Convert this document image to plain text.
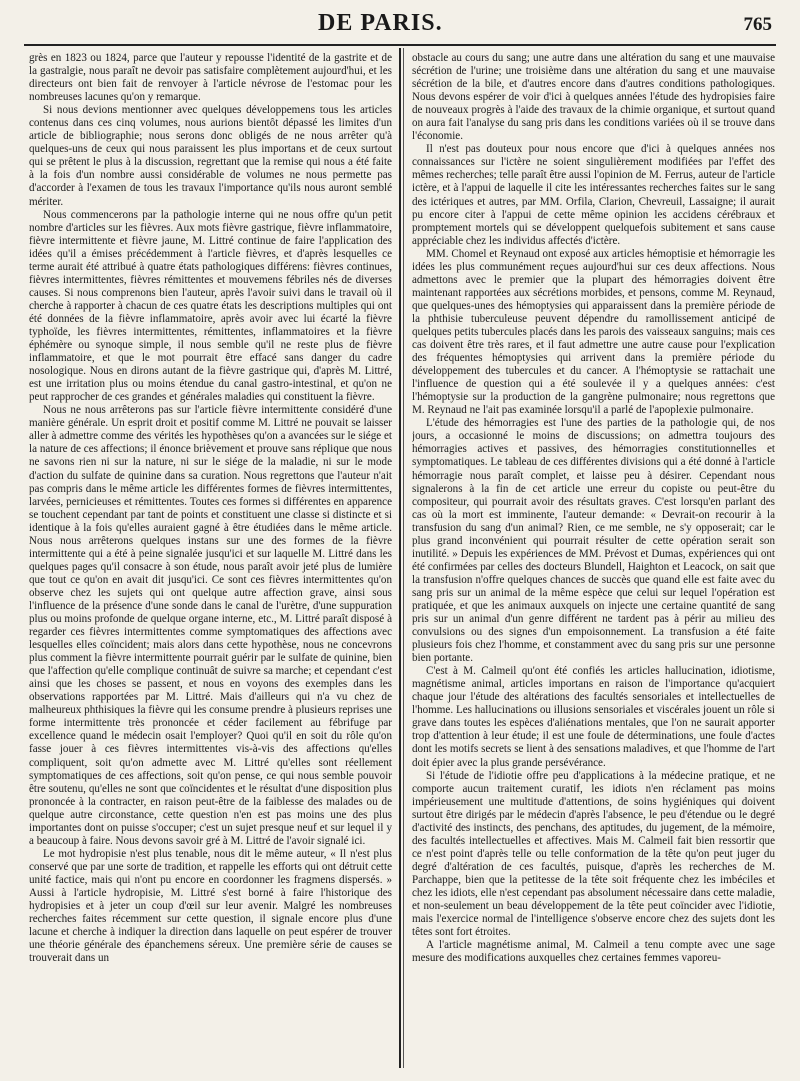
DE PARIS.	765

grès en 1823 ou 1824, parce que l'auteur y repousse l'identité de la gastrite et de la gastralgie, nous paraît ne devoir pas satisfaire complètement aujourd'hui, et les directeurs ont bien fait de renvoyer à l'article névrose de l'estomac pour les nombreuses lacunes qu'on y remarque.

Si nous devions mentionner avec quelques développemens tous les articles contenus dans ces cinq volumes, nous aurions bientôt dépassé les limites d'un article de bibliographie; nous serons donc obligés de ne nous arrêter qu'à quelques-uns de ceux qui nous paraissent les plus importans et de ceux surtout qui se prêtent le plus à la discussion, regrettant que la remise qui nous a été faite à la fois d'un nombre aussi considérable de volumes ne nous permette pas d'accorder à l'examen de tous les travaux l'importance qu'ils nous auront semblé mériter.

Nous commencerons par la pathologie interne qui ne nous offre qu'un petit nombre d'articles sur les fièvres. Aux mots fièvre gastrique, fièvre inflammatoire, fièvre intermittente et fièvre jaune, M. Littré continue de faire l'application des idées qu'il a émises précédemment à l'article fièvres, et d'après lesquelles ce terme aurait été attribué à quatre états pathologiques différens: fièvres continues, fièvres intermittentes, fièvres rémittentes et mouvemens fébriles nés de diverses causes. Si nous comprenons bien l'auteur, après l'avoir suivi dans le travail où il cherche à rapporter à chacun de ces quatre états les descriptions multiples qui ont été données de la fièvre inflammatoire, après avoir avec lui écarté la fièvre typhoïde, les fièvres intermittentes, rémittentes, inflammatoires et la fièvre éphémère ou synoque simple, il nous semble qu'il ne reste plus de fièvre inflammatoire, et que le mot pourrait être effacé sans danger du cadre nosologique. Nous en dirons autant de la fièvre gastrique qui, d'après M. Littré, est une irritation plus ou moins étendue du canal gastro-intestinal, et qu'on ne peut rapprocher de ces grandes et générales maladies qui constituent la fièvre.

Nous ne nous arrêterons pas sur l'article fièvre intermittente considéré d'une manière générale. Un esprit droit et positif comme M. Littré ne pouvait se laisser aller à admettre comme des vérités les hypothèses qu'on a avancées sur le siége et la nature de ces affections; il énonce brièvement et prouve sans réplique que nous ne savons rien ni sur la nature, ni sur le siége de la maladie, ni sur le mode d'action du sulfate de quinine dans sa curation. Nous regrettons que l'auteur n'ait pas compris dans le même article les différentes formes de fièvres intermittentes, larvées, pernicieuses et rémittentes. Toutes ces formes si différentes en apparence se touchent cependant par tant de points et constituent une classe si distincte et si identique à la fois qu'elles auraient gagné à être étudiées dans le même article. Nous nous arrêterons quelques instans sur une des formes de la fièvre intermittente qui a été à peine signalée jusqu'ici et sur laquelle M. Littré dans les quelques pages qu'il consacre à son étude, nous paraît avoir jeté plus de lumière que tout ce qu'on en avait dit jusqu'ici. Ce sont ces fièvres intermittentes qu'on observe chez les sujets qui ont quelque autre affection grave, ainsi sous l'influence de la présence d'une sonde dans le canal de l'urètre, d'une suppuration plus ou moins profonde de quelque organe interne, etc., M. Littré paraît disposé à regarder ces fièvres intermittentes comme symptomatiques des affections avec lesquelles elles coïncident; mais alors dans cette hypothèse, nous ne concevrons plus comment la fièvre intermittente pourrait guérir par le sulfate de quinine, bien que l'affection qu'elle complique continuât de suivre sa marche; et cependant c'est ainsi que les choses se passent, et nous en voyons des exemples dans les observations rapportées par M. Littré. Mais d'ailleurs qui n'a vu chez de malheureux phthisiques la fièvre qui les consume prendre à plusieurs reprises une forme intermittente très prononcée et céder facilement au fébrifuge par excellence quand le médecin osait l'employer? Quoi qu'il en soit du rôle qu'on fasse jouer à ces fièvres intermittentes vis-à-vis des affections qu'elles compliquent, soit qu'on admette avec M. Littré qu'elles sont réellement symptomatiques de ces affections, soit qu'on pense, ce qui nous semble pouvoir être soutenu, qu'elles ne sont que coïncidentes et le résultat d'une disposition plus prononcée à la contracter, en raison peut-être de la faiblesse des malades ou de quelque autre circonstance, cette question n'en est pas moins une des plus importantes dont on puisse s'occuper; c'est un sujet presque neuf et sur lequel il y a beaucoup à faire. Nous devons savoir gré à M. Littré de l'avoir signalé ici.

Le mot hydropisie n'est plus tenable, nous dit le même auteur, « Il n'est plus conservé que par une sorte de tradition, et rappelle les efforts qui ont détruit cette unité factice, mais qui n'ont pu encore en coordonner les fragmens dispersés. » Aussi à l'article hydropisie, M. Littré s'est borné à faire l'historique des hydropisies et à jeter un coup d'œil sur leur avenir. Malgré les nombreuses recherches faites récemment sur cette question, il signale encore plus d'une lacune et cherche à indiquer la direction dans laquelle on peut espérer de trouver une théorie générale des épanchemens séreux. Une première série de causes se trouverait dans un

obstacle au cours du sang; une autre dans une altération du sang et une mauvaise sécrétion de l'urine; une troisième dans une altération du sang et une mauvaise sécrétion de la bile, et d'autres encore dans d'autres conditions pathologiques. Nous devons espérer de voir d'ici à quelques années l'étude des hydropisies faire de nouveaux progrès à l'aide des travaux de la chimie organique, et surtout quand on aura fait l'analyse du sang pris dans les conditions variées où il se trouve dans l'économie.

Il n'est pas douteux pour nous encore que d'ici à quelques années nos connaissances sur l'ictère ne soient singulièrement modifiées par l'effet des mêmes recherches; telle paraît être aussi l'opinion de M. Ferrus, auteur de l'article ictère, et à l'appui de laquelle il cite les intéressantes recherches faites sur le sang des ictériques et autres, par MM. Orfila, Clarion, Chevreuil, Lassaigne; il aurait pu encore citer à l'appui de cette même opinion les accidens cérébraux et promptement mortels qui se développent quelquefois subitement et sans cause appréciable chez les individus affectés d'ictère.

MM. Chomel et Reynaud ont exposé aux articles hémoptisie et hémorragie les idées les plus communément reçues aujourd'hui sur ces deux affections. Nous admettons avec le premier que la plupart des hémorragies doivent être maintenant rapportées aux sécrétions morbides, et pensons, comme M. Reynaud, que quelques-unes des hémoptysies qui apparaissent dans la première période de la phthisie tuberculeuse peuvent dépendre du ramollissement anticipé de quelques petits tubercules placés dans les parois des vaisseaux sanguins; mais ces cas doivent être très rares, et il faut admettre une autre cause pour l'explication des fréquentes hémoptysies qui arrivent dans la première période du développement des tubercules et du cancer. A l'hémoptysie se rattachait une l'influence de question qui a été soulevée il y a quelques années: c'est l'hémoptysie sur la production de la gangrène pulmonaire; nous regrettons que M. Reynaud ne l'ait pas examinée lorsqu'il a parlé de l'apoplexie pulmonaire.

L'étude des hémorragies est l'une des parties de la pathologie qui, de nos jours, a occasionné le moins de discussions; on admettra toujours des hémorragies actives et passives, des hémorragies constitutionnelles et symptomatiques. Le tableau de ces différentes divisions qui a été donné à l'article hémorragie nous paraît complet, et laisse peu à désirer. Cependant nous signalerons à la fin de cet article une erreur du copiste ou peut-être du compositeur, qui pourrait avoir des résultats graves. C'est lorsqu'en parlant des cas où la mort est imminente, l'auteur demande: « Devrait-on recourir à la transfusion du sang d'un animal? Rien, ce me semble, ne s'y opposerait; car le plus grand inconvénient qui pourrait résulter de cette opération serait son inutilité. » Depuis les expériences de MM. Prévost et Dumas, expériences qui ont été confirmées par celles des docteurs Blundell, Haighton et Leacock, on sait que la transfusion n'offre quelques chances de succès que quand elle est faite avec du sang pris sur un animal de la même espèce que celui sur lequel l'opération est pratiquée, et que les animaux auxquels on injecte une certaine quantité de sang pris sur un animal d'un genre différent ne tardent pas à périr au milieu des convulsions ou des signes d'un empoisonnement. La transfusion a été faite plusieurs fois chez l'homme, et constamment avec du sang pris sur une personne bien portante.

C'est à M. Calmeil qu'ont été confiés les articles hallucination, idiotisme, magnétisme animal, articles importans en raison de l'importance qu'acquiert chaque jour l'étude des altérations des facultés sensoriales et intellectuelles de l'homme. Les hallucinations ou illusions sensoriales et viscérales jouent un rôle si grave dans toutes les espèces d'aliénations mentales, que l'on ne saurait apporter trop d'attention à leur étude; il est une foule de déterminations, une foule d'actes dont les motifs secrets se lient à des sensations maladives, et que l'homme de l'art doit épier avec la plus grande persévérance.

Si l'étude de l'idiotie offre peu d'applications à la médecine pratique, et ne comporte aucun traitement curatif, les idiots n'en réclament pas moins impérieusement une multitude d'attentions, de soins hygiéniques qui doivent surtout être dirigés par le médecin d'après l'absence, le peu d'étendue ou le degré d'activité des instincts, des penchans, des aptitudes, du jugement, de la mémoire, des facultés intellectuelles et affectives. Mais M. Calmeil fait bien ressortir que ce n'est point d'après telle ou telle conformation de la tête qu'on peut juger du degré d'altération de ces facultés, puisque, d'après les recherches de M. Parchappe, bien que la petitesse de la tête soit fréquente chez les imbéciles et chez les idiots, elle n'est cependant pas absolument nécessaire dans cette maladie, et non-seulement un beau développement de la tête peut coïncider avec l'idiotie, mais l'exercice normal de l'intelligence s'observe encore chez des sujets dont les têtes sont fort étroites.

A l'article magnétisme animal, M. Calmeil a tenu compte avec une sage mesure des modifications auxquelles chez certaines femmes vaporeu-
